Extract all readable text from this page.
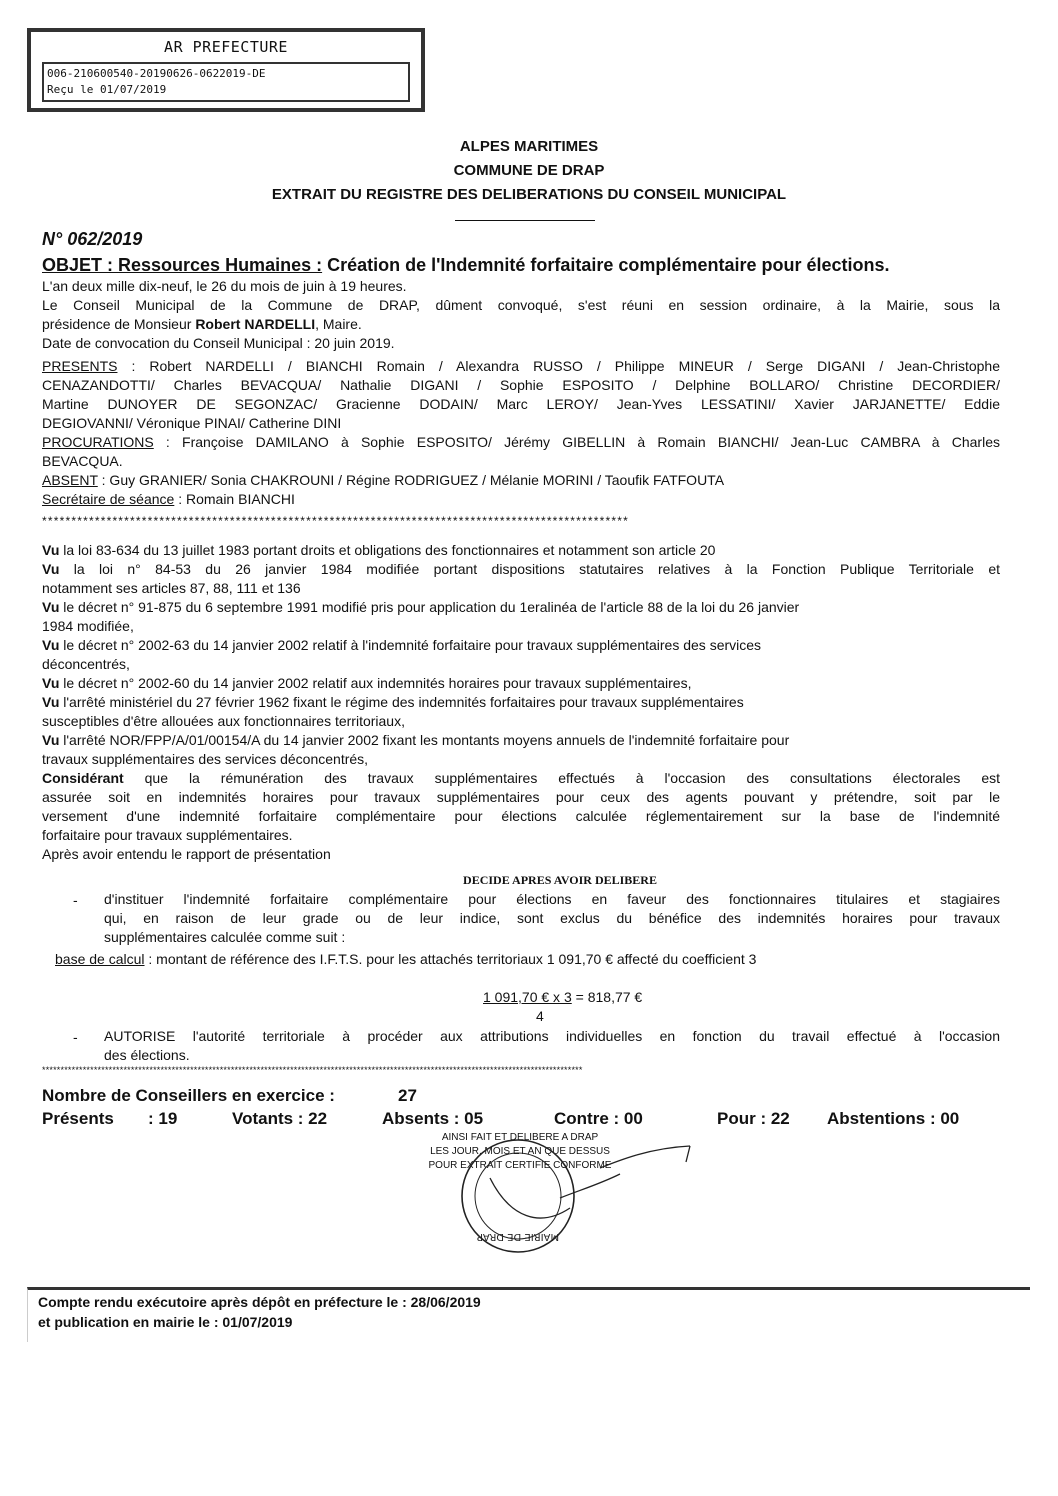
AR PREFECTURE
006-210600540-20190626-0622019-DE
Reçu le 01/07/2019
ALPES MARITIMES
COMMUNE DE DRAP
EXTRAIT DU REGISTRE DES DELIBERATIONS DU CONSEIL MUNICIPAL
N° 062/2019
OBJET : Ressources Humaines : Création de l'Indemnité forfaitaire complémentaire pour élections.
L'an deux mille dix-neuf, le 26 du mois de juin à 19 heures.
Le Conseil Municipal de la Commune de DRAP, dûment convoqué, s'est réuni en session ordinaire, à la Mairie, sous la
présidence de Monsieur Robert NARDELLI, Maire.
Date de convocation du Conseil Municipal : 20 juin 2019.
PRESENTS : Robert NARDELLI / BIANCHI Romain / Alexandra RUSSO / Philippe MINEUR / Serge DIGANI / Jean-Christophe
CENAZANDOTTI/ Charles BEVACQUA/ Nathalie DIGANI / Sophie ESPOSITO / Delphine BOLLARO/ Christine DECORDIER/
Martine DUNOYER DE SEGONZAC/ Gracienne DODAIN/ Marc LEROY/ Jean-Yves LESSATINI/ Xavier JARJANETTE/ Eddie
DEGIOVANNI/ Véronique PINAI/ Catherine DINI
PROCURATIONS : Françoise DAMILANO à Sophie ESPOSITO/ Jérémy GIBELLIN à Romain BIANCHI/ Jean-Luc CAMBRA à Charles
BEVACQUA.
ABSENT : Guy GRANIER/ Sonia CHAKROUNI / Régine RODRIGUEZ / Mélanie MORINI / Taoufik FATFOUTA
Secrétaire de séance : Romain BIANCHI
****************************************************************************************************
Vu la loi 83-634 du 13 juillet 1983 portant droits et obligations des fonctionnaires et notamment son article 20
Vu la loi n° 84-53 du 26 janvier 1984 modifiée portant dispositions statutaires relatives à la Fonction Publique Territoriale et
notamment ses articles 87, 88, 111 et 136
Vu le décret n° 91-875 du 6 septembre 1991 modifié pris pour application du 1eralinéa de l'article 88 de la loi du 26 janvier
1984 modifiée,
Vu le décret n° 2002-63 du 14 janvier 2002 relatif à l'indemnité forfaitaire pour travaux supplémentaires des services
déconcentrés,
Vu le décret n° 2002-60 du 14 janvier 2002 relatif aux indemnités horaires pour travaux supplémentaires,
Vu l'arrêté ministériel du 27 février 1962 fixant le régime des indemnités forfaitaires pour travaux supplémentaires
susceptibles d'être allouées aux fonctionnaires territoriaux,
Vu l'arrêté NOR/FPP/A/01/00154/A du 14 janvier 2002 fixant les montants moyens annuels de l'indemnité forfaitaire pour
travaux supplémentaires des services déconcentrés,
Considérant que la rémunération des travaux supplémentaires effectués à l'occasion des consultations électorales est
assurée soit en indemnités horaires pour travaux supplémentaires pour ceux des agents pouvant y prétendre, soit par le
versement d'une indemnité forfaitaire complémentaire pour élections calculée réglementairement sur la base de l'indemnité
forfaitaire pour travaux supplémentaires.
Après avoir entendu le rapport de présentation
DECIDE APRES AVOIR DELIBERE
- d'instituer l'indemnité forfaitaire complémentaire pour élections en faveur des fonctionnaires titulaires et stagiaires
qui, en raison de leur grade ou de leur indice, sont exclus du bénéfice des indemnités horaires pour travaux
supplémentaires calculée comme suit :
base de calcul : montant de référence des I.F.T.S. pour les attachés territoriaux 1 091,70 € affecté du coefficient 3
1 091,70 € x 3 = 818,77 €
4
- AUTORISE l'autorité territoriale à procéder aux attributions individuelles en fonction du travail effectué à l'occasion
des élections.
**************************************************************************************************************************************************
Nombre de Conseillers en exercice :	27
Présents : 19	Votants : 22	Absents : 05	Contre : 00	Pour : 22 Abstentions : 00
AINSI FAIT ET DELIBERE A DRAP
LES JOUR, MOIS ET AN QUE DESSUS
POUR EXTRAIT CERTIFIE CONFORME
MAIRIE DE DRAP
Compte rendu exécutoire après dépôt en préfecture le : 28/06/2019
et publication en mairie le : 01/07/2019
